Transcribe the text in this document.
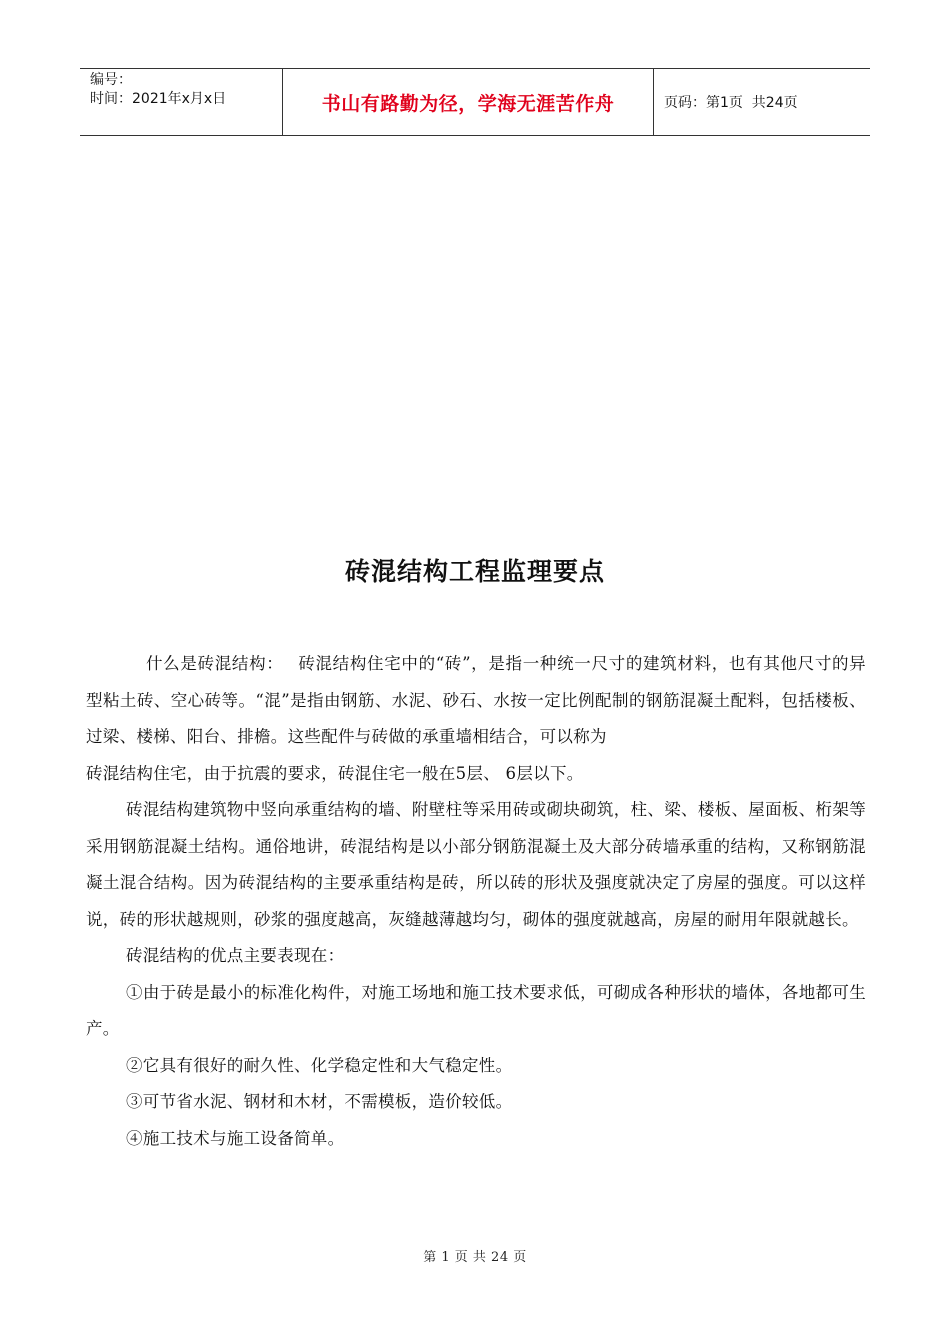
编号：
时间：2021年x月x日	书山有路勤为径，学海无涯苦作舟	页码：第1页  共24页
砖混结构工程监理要点

什么是砖混结构：　 砖混结构住宅中的“砖”，是指一种统一尺寸的建筑材料，也有其他尺寸的异型粘土砖、空心砖等。“混”是指由钢筋、水泥、砂石、水按一定比例配制的钢筋混凝土配料，包括楼板、过梁、楼梯、阳台、排檐。这些配件与砖做的承重墙相结合，可以称为

砖混结构住宅，由于抗震的要求，砖混住宅一般在5层、 6层以下。

砖混结构建筑物中竖向承重结构的墙、附壁柱等采用砖或砌块砌筑，柱、梁、楼板、屋面板、桁架等采用钢筋混凝土结构。通俗地讲，砖混结构是以小部分钢筋混凝土及大部分砖墙承重的结构，又称钢筋混凝土混合结构。因为砖混结构的主要承重结构是砖，所以砖的形状及强度就决定了房屋的强度。可以这样说，砖的形状越规则，砂浆的强度越高，灰缝越薄越均匀，砌体的强度就越高，房屋的耐用年限就越长。

砖混结构的优点主要表现在：

①由于砖是最小的标准化构件，对施工场地和施工技术要求低，可砌成各种形状的墙体，各地都可生产。

②它具有很好的耐久性、化学稳定性和大气稳定性。

③可节省水泥、钢材和木材，不需模板，造价较低。

④施工技术与施工设备简单。

第 1 页 共 24 页
